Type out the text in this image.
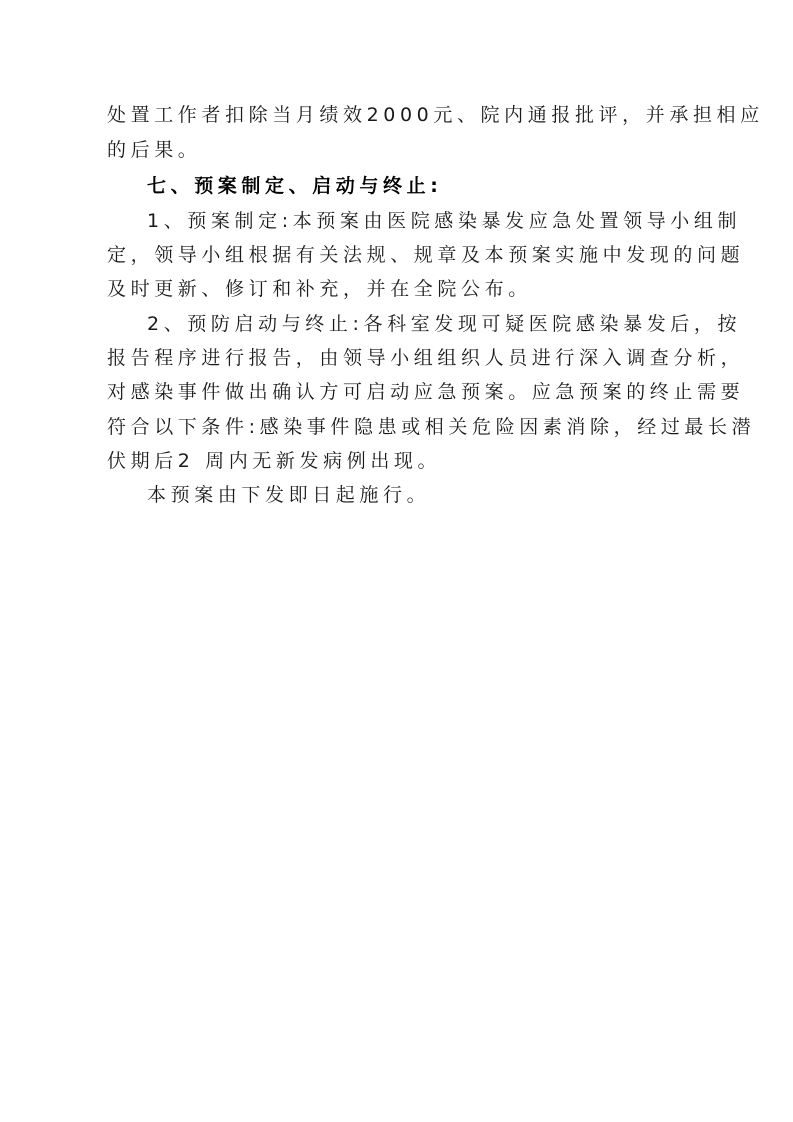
处置工作者扣除当月绩效2000元、院内通报批评，并承担相应
的后果。
七、预案制定、启动与终止:
1、预案制定:本预案由医院感染暴发应急处置领导小组制
定，领导小组根据有关法规、规章及本预案实施中发现的问题
及时更新、修订和补充，并在全院公布。
2、预防启动与终止:各科室发现可疑医院感染暴发后，按
报告程序进行报告，由领导小组组织人员进行深入调查分析，
对感染事件做出确认方可启动应急预案。应急预案的终止需要
符合以下条件:感染事件隐患或相关危险因素消除，经过最长潜
伏期后2 周内无新发病例出现。
本预案由下发即日起施行。
